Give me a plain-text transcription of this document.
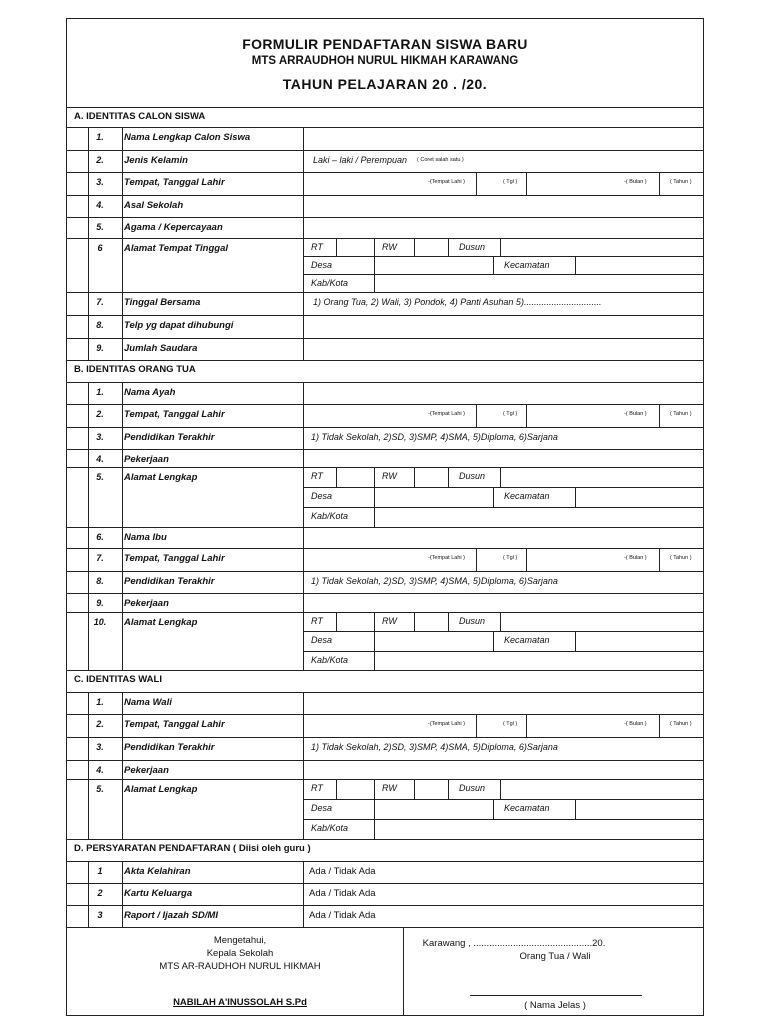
FORMULIR PENDAFTARAN SISWA BARU
MTS ARRAUDHOH NURUL HIKMAH KARAWANG
TAHUN PELAJARAN 20 . /20.
A. IDENTITAS CALON SISWA
1.	Nama Lengkap Calon Siswa
2.	Jenis Kelamin	Laki – laki / Perempuan ( Coret salah satu )
3.	Tempat, Tanggal Lahir	-(Tempat Lahi )	( Tgl )	-( Bulan )	( Tahun )
4.	Asal Sekolah
5.	Agama / Kepercayaan
6	Alamat Tempat Tinggal	RT	RW	Dusun
Desa	Kecamatan
Kab/Kota
7.	Tinggal Bersama	1) Orang Tua, 2) Wali, 3) Pondok, 4) Panti Asuhan 5)...............................
8.	Telp yg dapat dihubungi
9.	Jumlah Saudara
B. IDENTITAS ORANG TUA
1.	Nama Ayah
2.	Tempat, Tanggal Lahir	-(Tempat Lahi )	( Tgl )	-( Bulan )	( Tahun )
3.	Pendidikan Terakhir	1) Tidak Sekolah, 2)SD, 3)SMP, 4)SMA, 5)Diploma, 6)Sarjana
4.	Pekerjaan
5.	Alamat Lengkap	RT	RW	Dusun
Desa	Kecamatan
Kab/Kota
6.	Nama Ibu
7.	Tempat, Tanggal Lahir	-(Tempat Lahi )	( Tgl )	-( Bulan )	( Tahun )
8.	Pendidikan Terakhir	1) Tidak Sekolah, 2)SD, 3)SMP, 4)SMA, 5)Diploma, 6)Sarjana
9.	Pekerjaan
10.	Alamat Lengkap	RT	RW	Dusun
Desa	Kecamatan
Kab/Kota
C. IDENTITAS WALI
1.	Nama Wali
2.	Tempat, Tanggal Lahir	-(Tempat Lahi )	( Tgl )	-( Bulan )	( Tahun )
3.	Pendidikan Terakhir	1) Tidak Sekolah, 2)SD, 3)SMP, 4)SMA, 5)Diploma, 6)Sarjana
4.	Pekerjaan
5.	Alamat Lengkap	RT	RW	Dusun
Desa	Kecamatan
Kab/Kota
D. PERSYARATAN PENDAFTARAN ( Diisi oleh guru )
1	Akta Kelahiran	Ada / Tidak Ada
2	Kartu Keluarga	Ada / Tidak Ada
3	Raport / Ijazah SD/MI	Ada / Tidak Ada
Mengetahui,
Kepala Sekolah
MTS AR-RAUDHOH NURUL HIKMAH
NABILAH A'INUSSOLAH S.Pd
Karawang , .............................................20.
Orang Tua / Wali
( Nama Jelas )
